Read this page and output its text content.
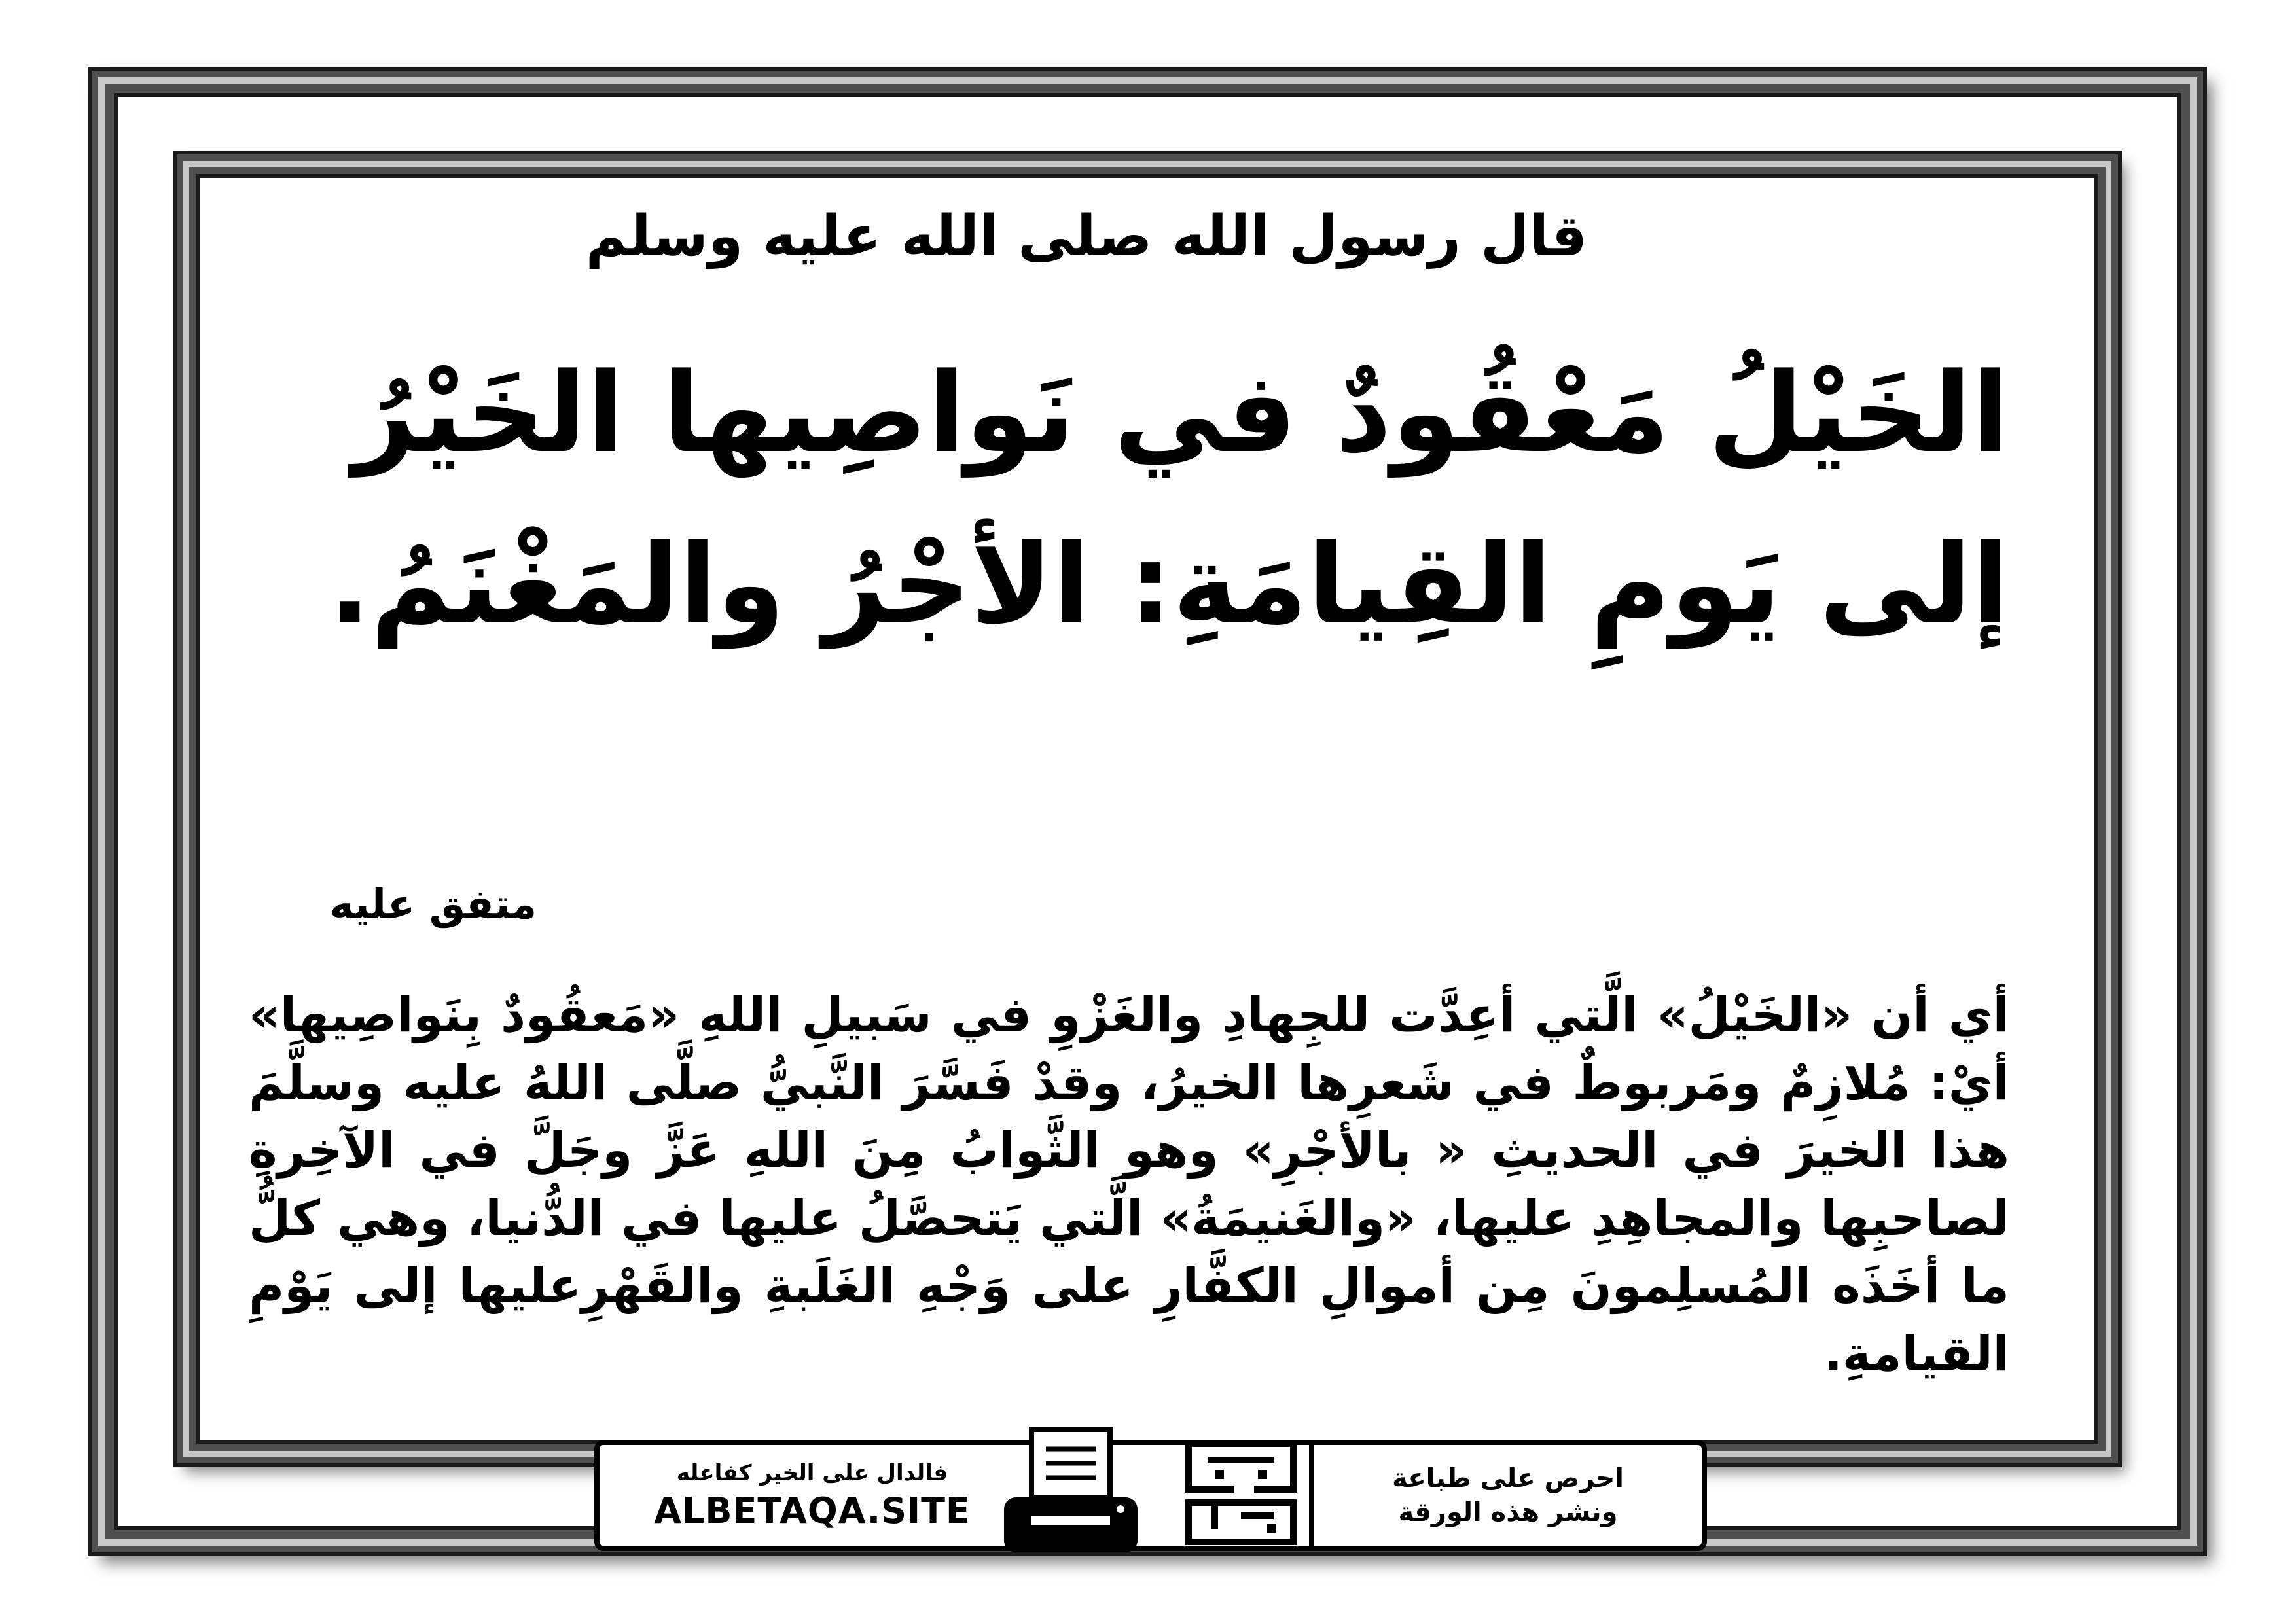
قال رسول الله صلى الله عليه وسلم
الخَيْلُ مَعْقُودٌ في نَواصِيها الخَيْرُ إلى يَومِ القِيامَةِ: الأجْرُ والمَغْنَمُ.
متفق عليه
أي أن «الخَيْلُ» الَّتي أعِدَّت للجِهادِ والغَزْوِ في سَبيلِ اللهِ «مَعقُودٌ بِنَواصِيها» أيْ: مُلازِمٌ ومَربوطٌ في شَعرِها الخيرُ، وقدْ فَسَّرَ النَّبيُّ صلَّى اللهُ عليه وسلَّمَ هذا الخيرَ في الحديثِ « بالأجْرِ» وهو الثَّوابُ مِنَ اللهِ عَزَّ وجَلَّ في الآخِرةِ لصاحبِها والمجاهِدِ عليها، «والغَنيمَةُ» الَّتي يَتحصَّلُ عليها في الدُّنيا، وهي كلُّ ما أخَذَه المُسلِمونَ مِن أموالِ الكفَّارِ على وَجْهِ الغَلَبةِ والقَهْرِعليها إلى يَوْمِ القيامةِ.
فالدال على الخير كفاعله
ALBETAQA.SITE
احرص على طباعة
ونشر هذه الورقة
